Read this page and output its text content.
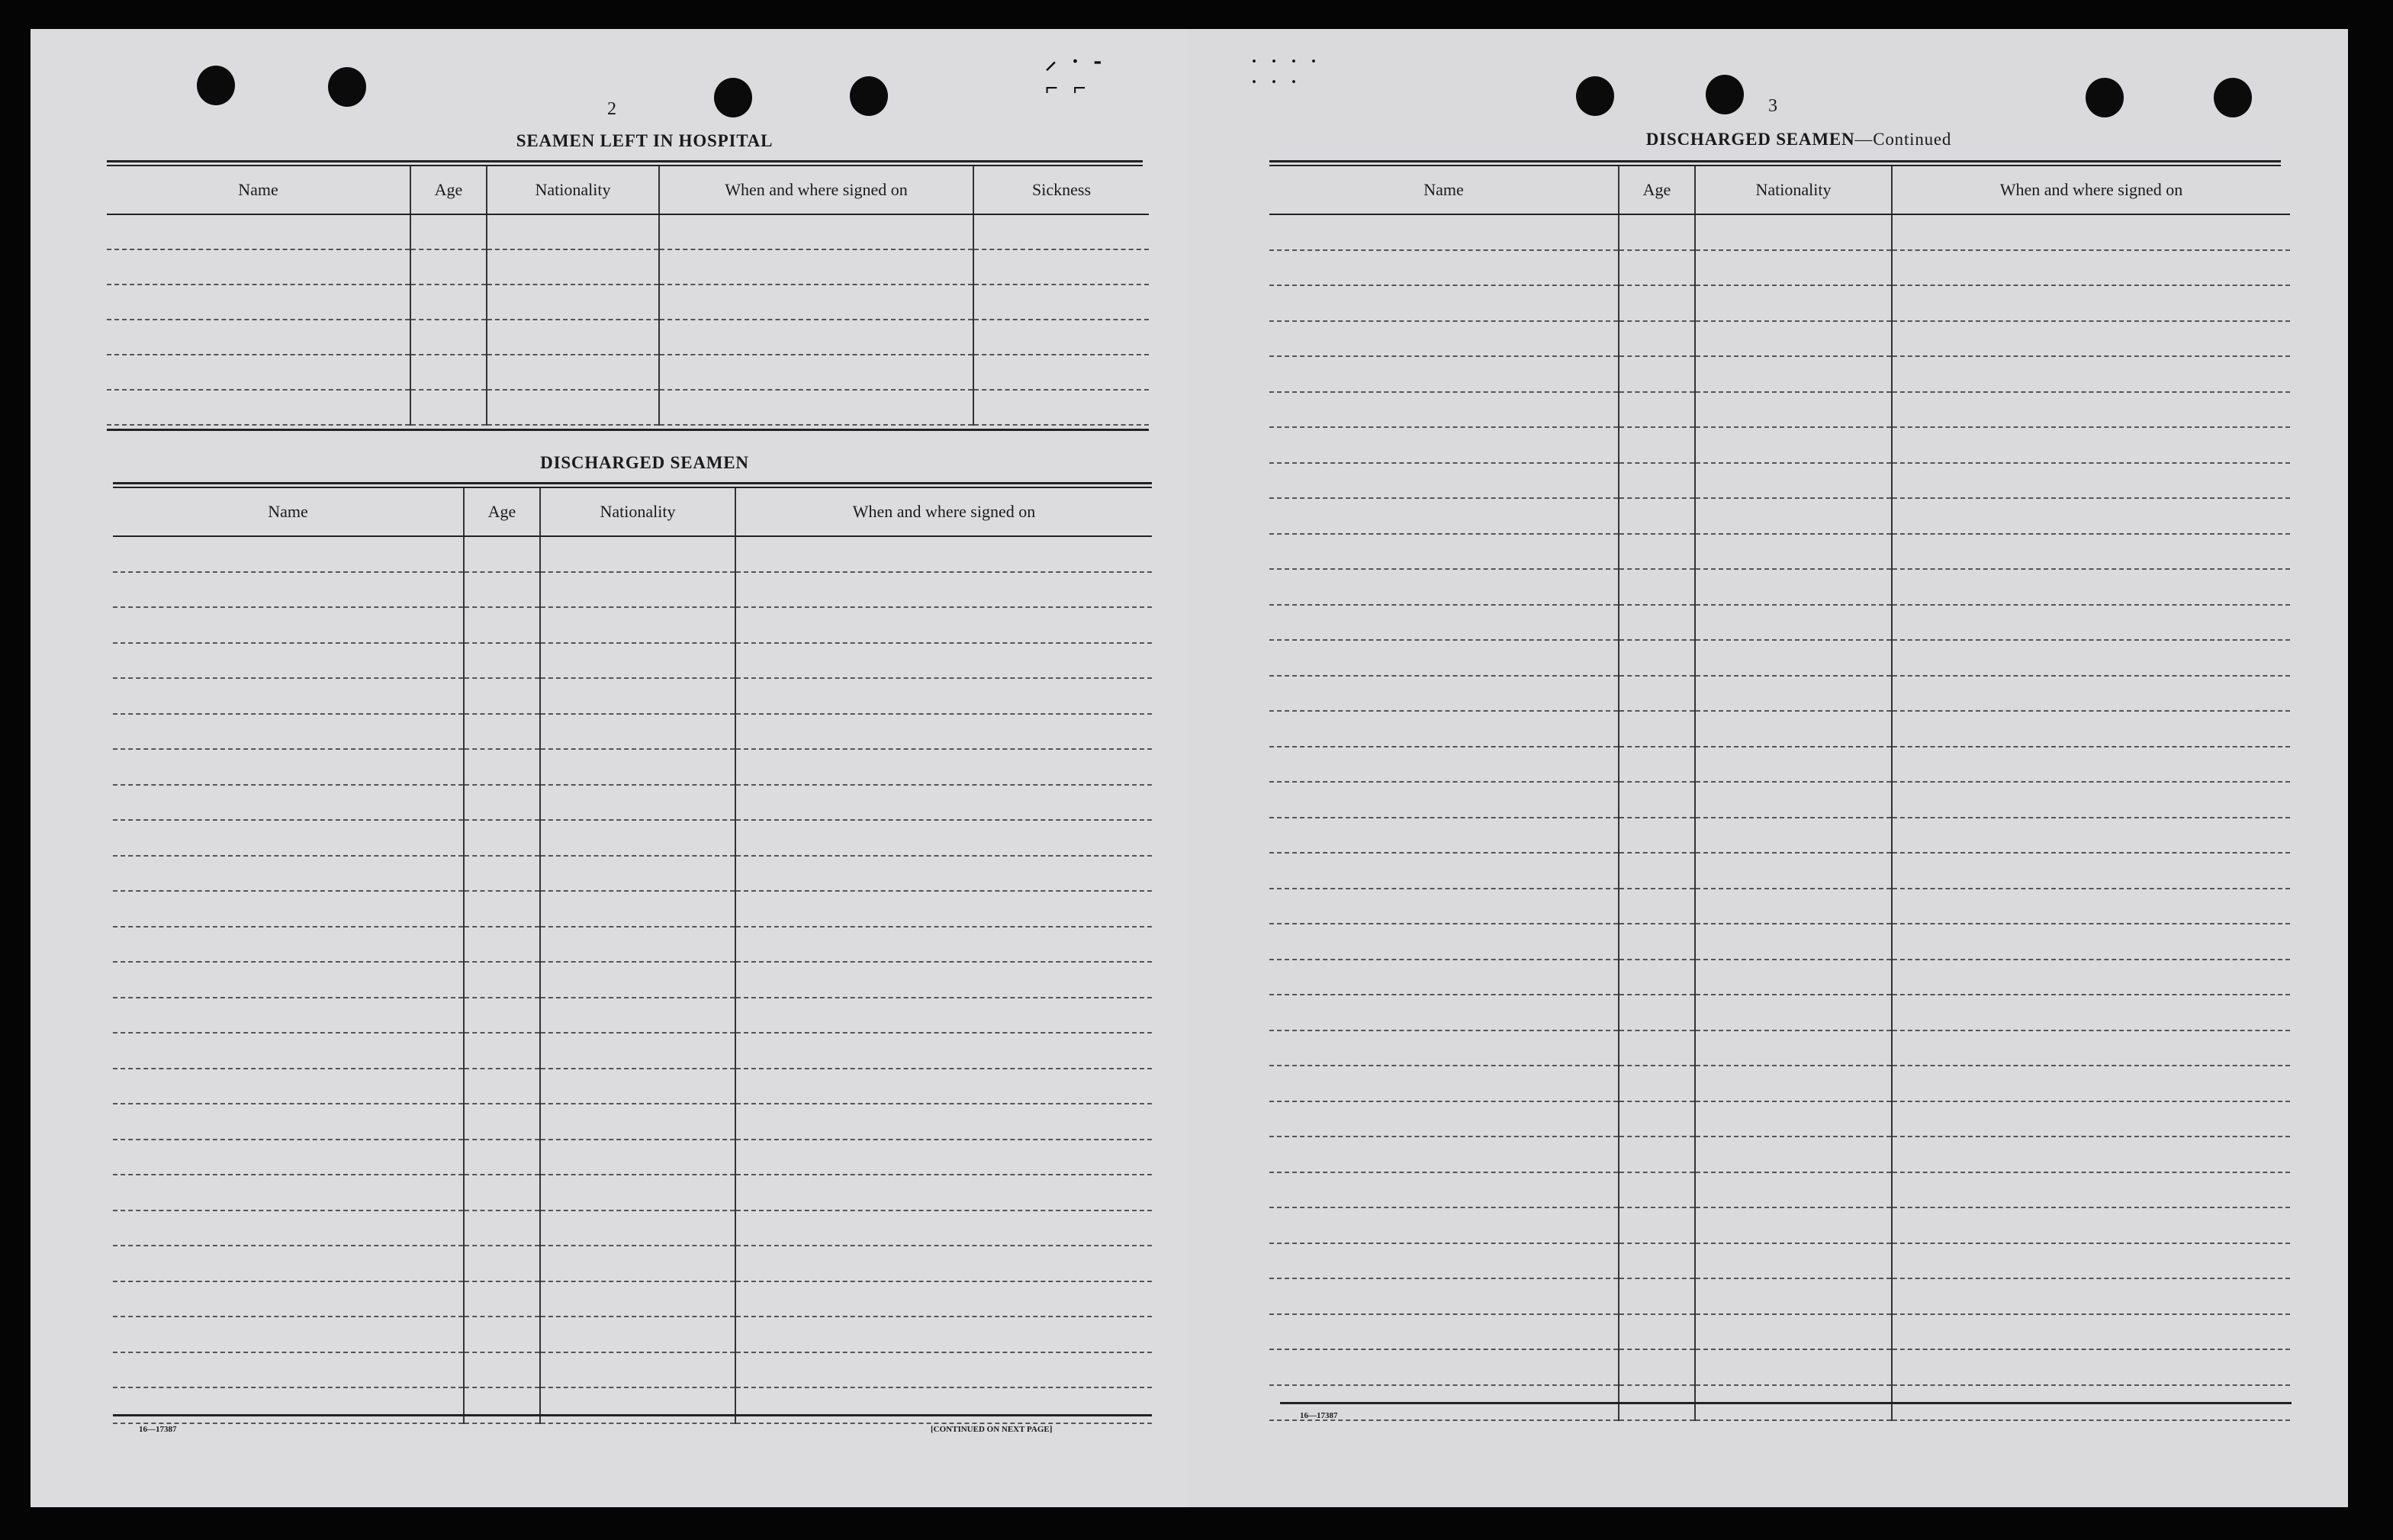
⸝ · ⁃
⌐ ⌐
2
SEAMEN LEFT IN HOSPITAL
Name	Age	Nationality	When and where signed on	Sickness

DISCHARGED SEAMEN
Name	Age	Nationality	When and where signed on

16—17387	[CONTINUED ON NEXT PAGE]
· · · ·
· · ·
3
DISCHARGED SEAMEN—Continued
Name	Age	Nationality	When and where signed on

16—17387
